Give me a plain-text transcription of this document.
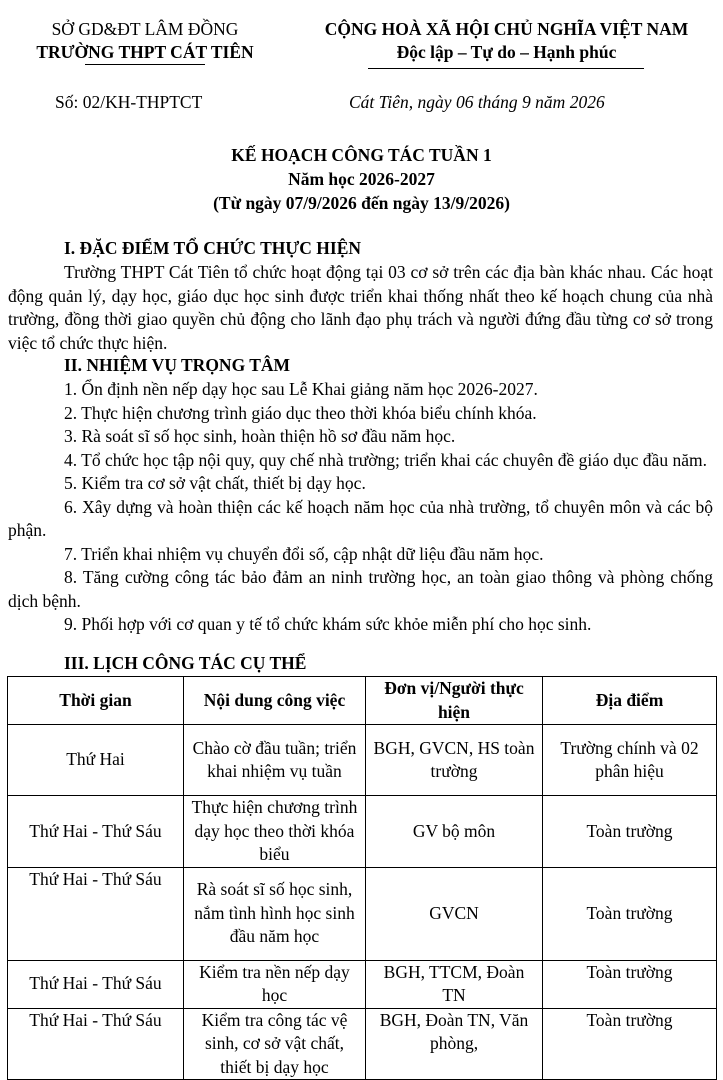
SỞ GD&ĐT LÂM ĐỒNG
TRƯỜNG THPT CÁT TIÊN
CỘNG HOÀ XÃ HỘI CHỦ NGHĨA VIỆT NAM
Độc lập – Tự do – Hạnh phúc
Số: 02/KH-THPTCT	Cát Tiên, ngày 06 tháng 9 năm 2026
KẾ HOẠCH CÔNG TÁC TUẦN 1
Năm học 2026-2027
(Từ ngày 07/9/2026 đến ngày 13/9/2026)
I. ĐẶC ĐIỂM TỔ CHỨC THỰC HIỆN

Trường THPT Cát Tiên tổ chức hoạt động tại 03 cơ sở trên các địa bàn khác nhau. Các hoạt động quản lý, dạy học, giáo dục học sinh được triển khai thống nhất theo kế hoạch chung của nhà trường, đồng thời giao quyền chủ động cho lãnh đạo phụ trách và người đứng đầu từng cơ sở trong việc tổ chức thực hiện.

II. NHIỆM VỤ TRỌNG TÂM

1. Ổn định nền nếp dạy học sau Lễ Khai giảng năm học 2026-2027.

2. Thực hiện chương trình giáo dục theo thời khóa biểu chính khóa.

3. Rà soát sĩ số học sinh, hoàn thiện hồ sơ đầu năm học.

4. Tổ chức học tập nội quy, quy chế nhà trường; triển khai các chuyên đề giáo dục đầu năm.

5. Kiểm tra cơ sở vật chất, thiết bị dạy học.

6. Xây dựng và hoàn thiện các kế hoạch năm học của nhà trường, tổ chuyên môn và các bộ phận.

7. Triển khai nhiệm vụ chuyển đổi số, cập nhật dữ liệu đầu năm học.

8. Tăng cường công tác bảo đảm an ninh trường học, an toàn giao thông và phòng chống dịch bệnh.

9. Phối hợp với cơ quan y tế tổ chức khám sức khỏe miễn phí cho học sinh.

III. LỊCH CÔNG TÁC CỤ THỂ
Thời gian	Nội dung công việc	Đơn vị/Người thực hiện	Địa điểm
Thứ Hai	Chào cờ đầu tuần; triển khai nhiệm vụ tuần	BGH, GVCN, HS toàn trường	Trường chính và 02 phân hiệu
Thứ Hai - Thứ Sáu	Thực hiện chương trình dạy học theo thời khóa biểu	GV bộ môn	Toàn trường
Thứ Hai - Thứ Sáu	Rà soát sĩ số học sinh, nắm tình hình học sinh đầu năm học	GVCN	Toàn trường
Thứ Hai - Thứ Sáu	Kiểm tra nền nếp dạy học	BGH, TTCM, Đoàn TN	Toàn trường
Thứ Hai - Thứ Sáu	Kiểm tra công tác vệ sinh, cơ sở vật chất, thiết bị dạy học	BGH, Đoàn TN, Văn phòng,	Toàn trường
